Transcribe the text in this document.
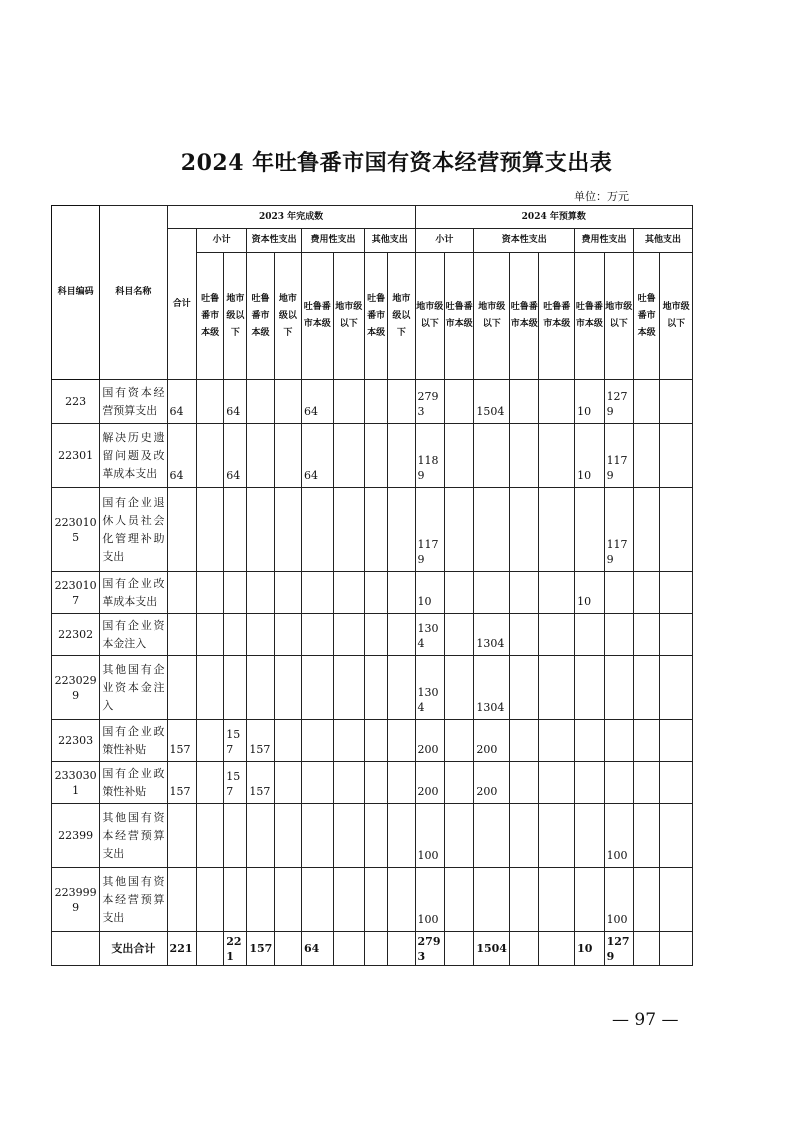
2024 年吐鲁番市国有资本经营预算支出表
单位：万元
科目编码	科目名称	2023 年完成数									2024 年预算数								
		合计	小计		资本性支出		费用性支出		其他支出		小计		资本性支出			费用性支出		其他支出	
			吐鲁番市本级	地市级以下	吐鲁番市本级	地市级以下	吐鲁番市本级	地市级以下	吐鲁番市本级	地市级以下	地市级以下	吐鲁番市本级	地市级以下	吐鲁番市本级	吐鲁番市本级	吐鲁番市本级	地市级以下	吐鲁番市本级	地市级以下
223	国有资本经营预算支出	64		64			64				2793		1504			10	1279		
22301	解决历史遗留问题及改革成本支出	64		64			64				1189					10	1179		
2230105	国有企业退休人员社会化管理补助支出										1179						1179		
2230107	国有企业改革成本支出										10					10			
22302	国有企业资本金注入										1304		1304						
2230299	其他国有企业资本金注入										1304		1304						
22303	国有企业政策性补贴	157		157	157						200		200						
2330301	国有企业政策性补贴	157		157	157						200		200						
22399	其他国有资本经营预算支出										100						100		
2239999	其他国有资本经营预算支出										100						100		
	支出合计	221		221	157		64				2793		1504			10	1279		
— 97 —
